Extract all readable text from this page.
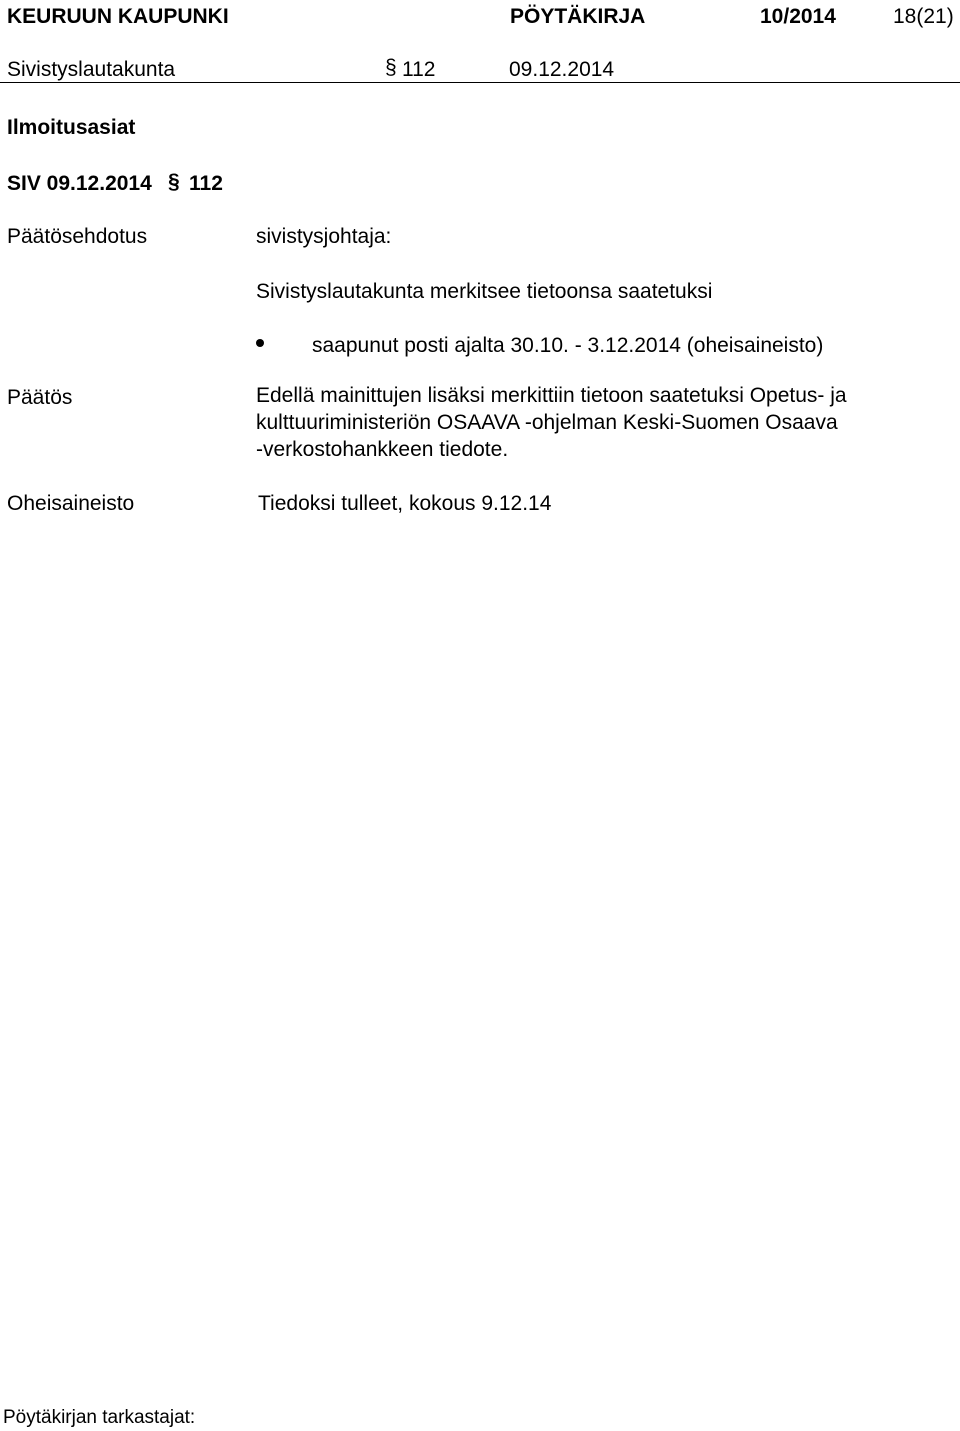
KEURUUN KAUPUNKI	PÖYTÄKIRJA	10/2014	18(21)
Sivistyslautakunta	§ 112	09.12.2014
Ilmoitusasiat
SIV 09.12.2014 § 112
Päätösehdotus	sivistysjohtaja:
Sivistyslautakunta merkitsee tietoonsa saatetuksi
saapunut posti ajalta 30.10. - 3.12.2014 (oheisaineisto)
Päätös	Edellä mainittujen lisäksi merkittiin tietoon saatetuksi Opetus- ja
kulttuuriministeriön OSAAVA -ohjelman Keski-Suomen Osaava
-verkostohankkeen tiedote.
Oheisaineisto	Tiedoksi tulleet, kokous 9.12.14
Pöytäkirjan tarkastajat:
